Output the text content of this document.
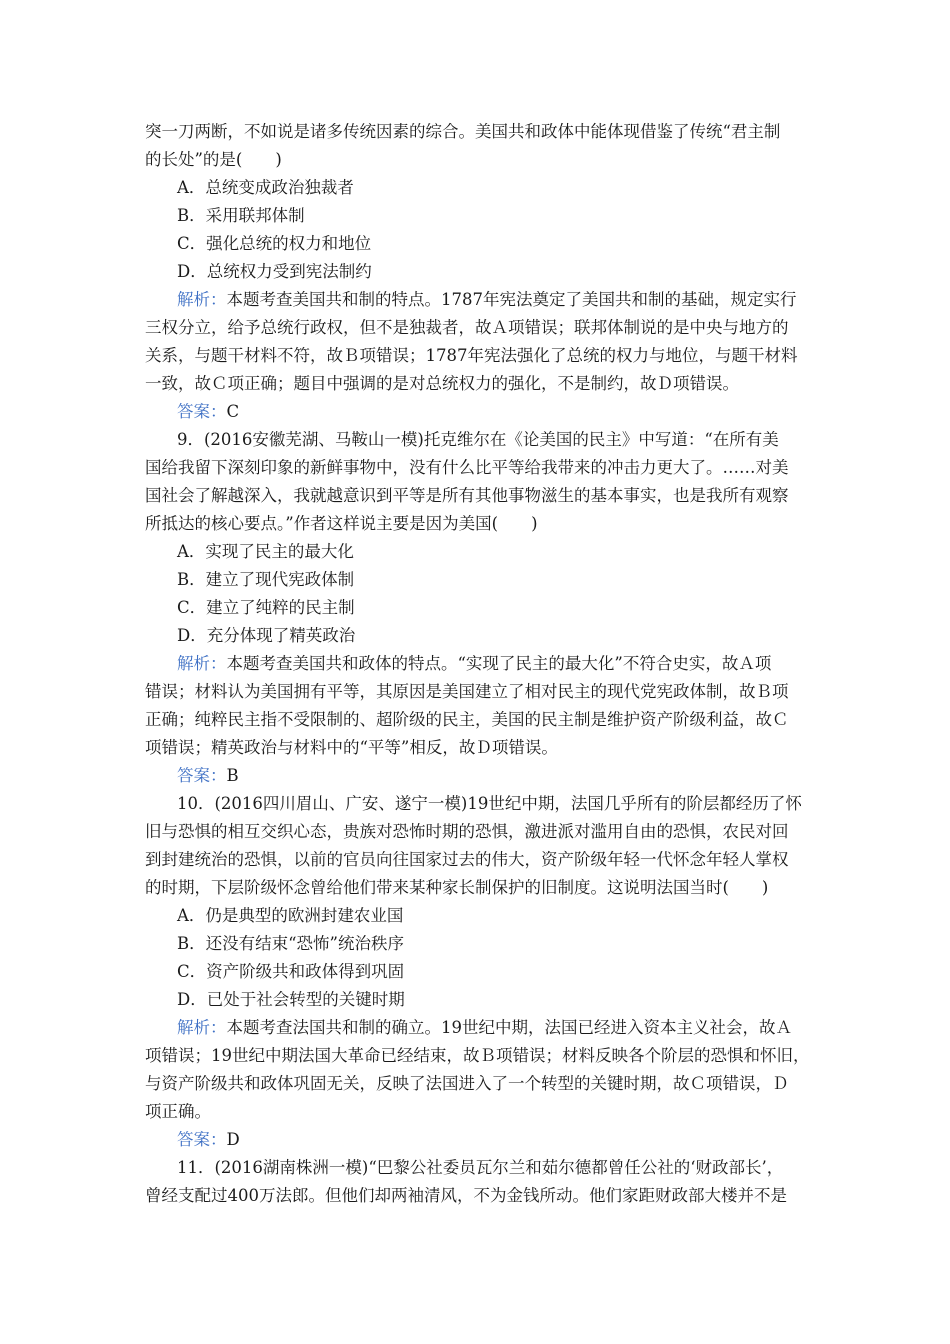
突一刀两断，不如说是诸多传统因素的综合。美国共和政体中能体现借鉴了传统“君主制
的长处”的是(　　)
A．总统变成政治独裁者
B．采用联邦体制
C．强化总统的权力和地位
D．总统权力受到宪法制约
解析：本题考查美国共和制的特点。1787年宪法奠定了美国共和制的基础，规定实行
三权分立，给予总统行政权，但不是独裁者，故Ａ项错误；联邦体制说的是中央与地方的
关系，与题干材料不符，故Ｂ项错误；1787年宪法强化了总统的权力与地位，与题干材料
一致，故Ｃ项正确；题目中强调的是对总统权力的强化，不是制约，故Ｄ项错误。
答案：C
9．(2016安徽芜湖、马鞍山一模)托克维尔在《论美国的民主》中写道：“在所有美
国给我留下深刻印象的新鲜事物中，没有什么比平等给我带来的冲击力更大了。……对美
国社会了解越深入，我就越意识到平等是所有其他事物滋生的基本事实，也是我所有观察
所抵达的核心要点。”作者这样说主要是因为美国(　　)
A．实现了民主的最大化
B．建立了现代宪政体制
C．建立了纯粹的民主制
D．充分体现了精英政治
解析：本题考查美国共和政体的特点。“实现了民主的最大化”不符合史实，故Ａ项
错误；材料认为美国拥有平等，其原因是美国建立了相对民主的现代党宪政体制，故Ｂ项
正确；纯粹民主指不受限制的、超阶级的民主，美国的民主制是维护资产阶级利益，故Ｃ
项错误；精英政治与材料中的“平等”相反，故Ｄ项错误。
答案：B
10．(2016四川眉山、广安、遂宁一模)19世纪中期，法国几乎所有的阶层都经历了怀
旧与恐惧的相互交织心态，贵族对恐怖时期的恐惧，激进派对滥用自由的恐惧，农民对回
到封建统治的恐惧，以前的官员向往国家过去的伟大，资产阶级年轻一代怀念年轻人掌权
的时期，下层阶级怀念曾给他们带来某种家长制保护的旧制度。这说明法国当时(　　)
A．仍是典型的欧洲封建农业国
B．还没有结束“恐怖”统治秩序
C．资产阶级共和政体得到巩固
D．已处于社会转型的关键时期
解析：本题考查法国共和制的确立。19世纪中期，法国已经进入资本主义社会，故Ａ
项错误；19世纪中期法国大革命已经结束，故Ｂ项错误；材料反映各个阶层的恐惧和怀旧，
与资产阶级共和政体巩固无关，反映了法国进入了一个转型的关键时期，故Ｃ项错误，Ｄ
项正确。
答案：D
11．(2016湖南株洲一模)“巴黎公社委员瓦尔兰和茹尔德都曾任公社的‘财政部长’，
曾经支配过400万法郎。但他们却两袖清风，不为金钱所动。他们家距财政部大楼并不是
